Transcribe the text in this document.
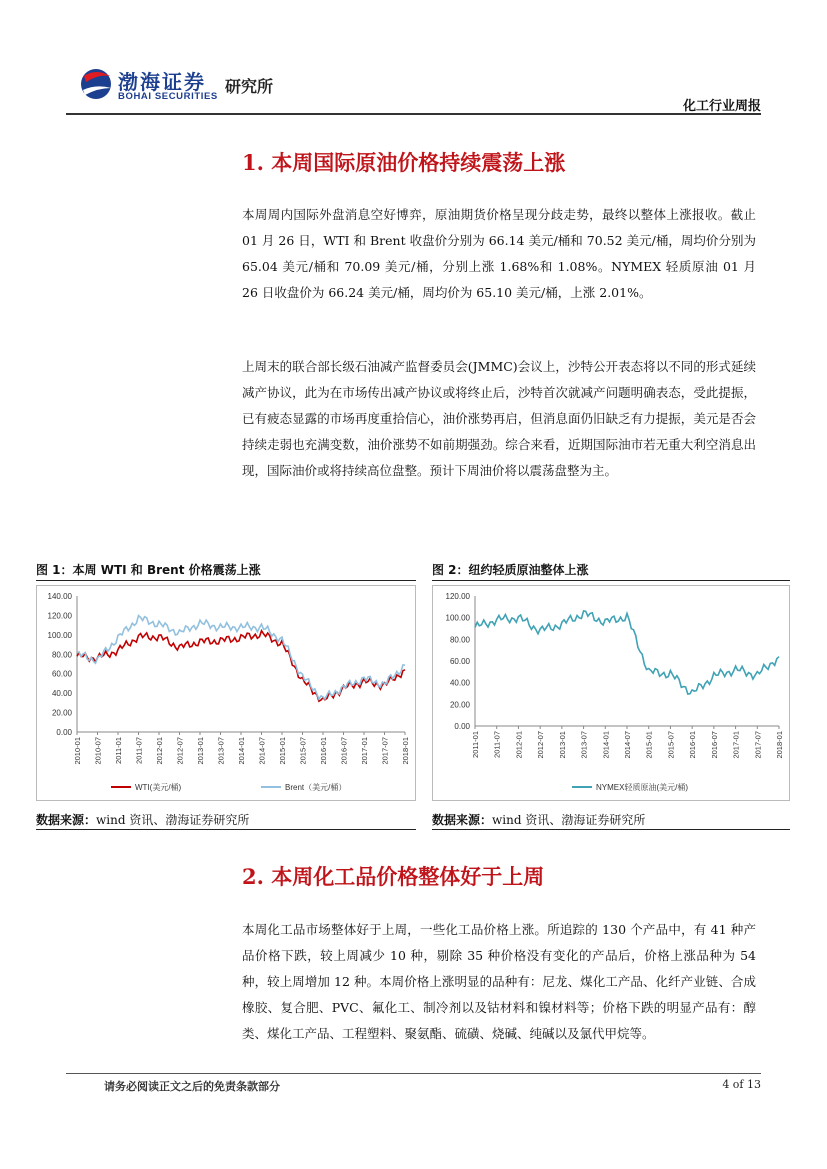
渤海证券
BOHAI SECURITIES
研究所
化工行业周报
1. 本周国际原油价格持续震荡上涨

本周周内国际外盘消息空好博弈，原油期货价格呈现分歧走势，最终以整体上涨报收。截止 01 月 26 日，WTI 和 Brent 收盘价分别为 66.14 美元/桶和 70.52 美元/桶，周均价分别为 65.04 美元/桶和 70.09 美元/桶，分别上涨 1.68%和 1.08%。NYMEX 轻质原油 01 月 26 日收盘价为 66.24 美元/桶，周均价为 65.10 美元/桶，上涨 2.01%。

上周末的联合部长级石油减产监督委员会(JMMC)会议上，沙特公开表态将以不同的形式延续减产协议，此为在市场传出减产协议或将终止后，沙特首次就减产问题明确表态，受此提振，已有疲态显露的市场再度重拾信心，油价涨势再启，但消息面仍旧缺乏有力提振，美元是否会持续走弱也充满变数，油价涨势不如前期强劲。综合来看，近期国际油市若无重大利空消息出现，国际油价或将持续高位盘整。预计下周油价将以震荡盘整为主。

图 1：本周 WTI 和 Brent 价格震荡上涨	图 2：纽约轻质原油整体上涨
0.00
20.00
40.00
60.00
80.00
100.00
120.00
140.00
2010-01 2010-07 2011-01 2011-07 2012-01 2012-07 2013-01 2013-07 2014-01 2014-07 2015-01 2015-07 2016-01 2016-07 2017-01 2017-07 2018-01
WTI(美元/桶)	Brent（美元/桶）
0.00
20.00
40.00
60.00
80.00
100.00
120.00
2011-01 2011-07 2012-01 2012-07 2013-01 2013-07 2014-01 2014-07 2015-01 2015-07 2016-01 2016-07 2017-01 2017-07 2018-01
NYMEX轻质原油(美元/桶)
数据来源：wind 资讯、渤海证券研究所	数据来源：wind 资讯、渤海证券研究所
2. 本周化工品价格整体好于上周

本周化工品市场整体好于上周，一些化工品价格上涨。所追踪的 130 个产品中，有 41 种产品价格下跌，较上周减少 10 种，剔除 35 种价格没有变化的产品后，价格上涨品种为 54 种，较上周增加 12 种。本周价格上涨明显的品种有：尼龙、煤化工产品、化纤产业链、合成橡胶、复合肥、PVC、氟化工、制冷剂以及钴材料和镍材料等；价格下跌的明显产品有：醇类、煤化工产品、工程塑料、聚氨酯、硫磺、烧碱、纯碱以及氯代甲烷等。

请务必阅读正文之后的免责条款部分	4 of 13
